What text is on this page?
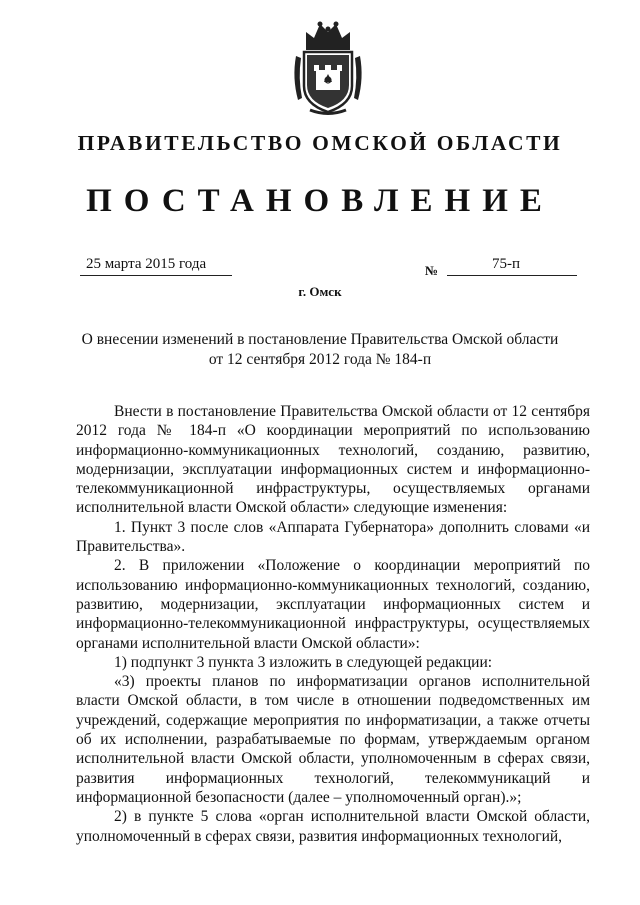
ПРАВИТЕЛЬСТВО ОМСКОЙ ОБЛАСТИ
ПОСТАНОВЛЕНИЕ
25 марта 2015 года	№	75-п
г. Омск
О внесении изменений в постановление Правительства Омской области
от 12 сентября 2012 года № 184-п

Внести в постановление Правительства Омской области от 12 сентября 2012 года № 184-п «О координации мероприятий по использованию информационно-коммуникационных технологий, созданию, развитию, модернизации, эксплуатации информационных систем и информационно-телекоммуникационной инфраструктуры, осуществляемых органами исполнительной власти Омской области» следующие изменения:

1. Пункт 3 после слов «Аппарата Губернатора» дополнить словами «и Правительства».

2. В приложении «Положение о координации мероприятий по использованию информационно-коммуникационных технологий, созданию, развитию, модернизации, эксплуатации информационных систем и информационно-телекоммуникационной инфраструктуры, осуществляемых органами исполнительной власти Омской области»:

1) подпункт 3 пункта 3 изложить в следующей редакции:

«3) проекты планов по информатизации органов исполнительной власти Омской области, в том числе в отношении подведомственных им учреждений, содержащие мероприятия по информатизации, а также отчеты об их исполнении, разрабатываемые по формам, утверждаемым органом исполнительной власти Омской области, уполномоченным в сферах связи, развития информационных технологий, телекоммуникаций и информационной безопасности (далее – уполномоченный орган).»;

2) в пункте 5 слова «орган исполнительной власти Омской области, уполномоченный в сферах связи, развития информационных технологий,
